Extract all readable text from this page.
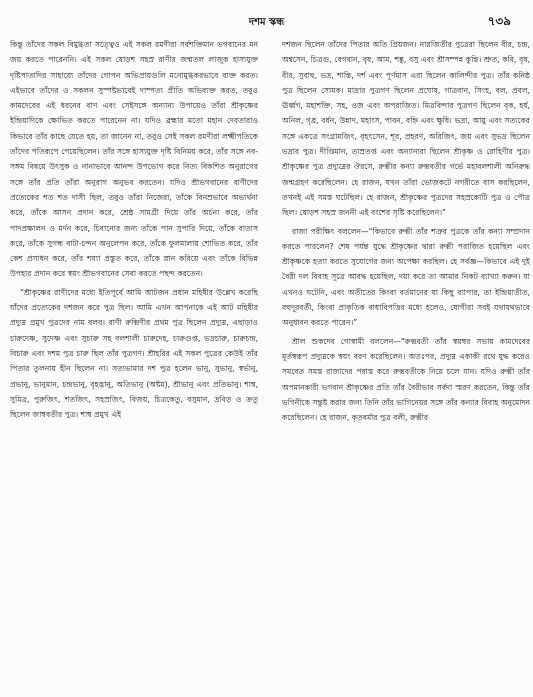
দশম স্কন্ধ	৭৩৯

কিন্তু তাঁদের সকল বিমুগ্ধতা সত্ত্বেও এই সকল রমণীরা সর্বশক্তিমান ভগবানের মন জয় করতে পারেননি। এই সকল ষোড়শ সহস্র রাণীর জন্মতল লাজুক হাস্যযুক্ত দৃষ্টিপাতাদির সাহায্যে তাঁদের গোপন অভিপ্রায়গুলি মনোমুগ্ধকরভাবে ব্যক্ত করত। এইভাবে তাঁদের ও সকলন সুস্পষ্টভাবেই দাম্পত্য প্রীতি অভিব্যক্ত করত, তবুও কামদেবের এই ধরনের বাণ এবং সেইসঙ্গে অন্যান্য উপায়েও তাঁরা শ্রীকৃষ্ণের ইন্দ্রিয়াদিকে ক্ষোভিত করতে পারেনেন না। যদিও ব্রহ্মার মতো মহান দেবতারাও কিভাবে তাঁর কাছে যেতে হয়, তা জানেন না, তবুও সেই সকল রমণীরা লক্ষ্মীপতিকে তাঁদের পতিরূপে পেয়েছিলেন। তাঁর সঙ্গে হাস্যযুক্ত দৃষ্টি বিনিময় করে, তাঁর সঙ্গে নব-সঙ্গম বিষয়ে উৎসুক ও নানাভাবে আনন্দ উপভোগ করে নিত্য বিকশিত অনুরাগের সঙ্গে তাঁর প্রতি তাঁরা অনুরাগ অনুভব করতেন। যদিও শ্রীভগবানের বাণীদের প্রত্যেকের শত শত দাসী ছিল, তবুও তাঁরা নিজেরা, তাঁকে বিনম্রভাবে অভ্যর্থনা করে, তাঁকে আসন প্রদান করে, শ্রেষ্ঠ সামগ্রী দিয়ে তাঁর অর্চনা করে, তাঁর পাদপ্রক্ষালন ও মর্দন করে, চিবানোর জন্য তাঁকে পান সুপারি দিয়ে, তাঁকে বাতাস করে, তাঁকে সুগন্ধ বাটা-চন্দন অনুলেপন করে, তাঁকে ফুলমালায় শোভিত করে, তাঁর কেশ প্রসাধন করে, তাঁর শয্যা প্রস্তুত করে, তাঁকে স্নান করিয়ে এবং তাঁকে বিভিন্ন উপহার প্রদান করে স্বয়ং শ্রীভগবানের সেবা করতে পছন্দ করতেন।

“শ্রীকৃষ্ণের রাণীদের মধ্যে ইতিপূর্বে আমি আটজন প্রধান মহিষীর উল্লেখ করেছি যাঁদের প্রত্যেকের দশজন করে পুত্র ছিল। আমি এখন আপনাকে এই আট মহিষীর প্রদ্যুম্ন প্রমুখ পুত্রদের নাম বলব। রাণী রুক্মিণীর প্রথম পুত্র ছিলেন প্রদ্যুম্ন, এছাড়াও চারুদেষ্ণ, সুদেষ্ণ এবং সুচারু সহ বলশালী চারুদেহ, চারুগুপ্ত, ভদ্রচারু, চারুচন্দ্র, বিচারু এবং দশম পুত্র চারু ছিল তাঁর পুত্রগণ। শ্রীহরির এই সকল পুত্রের কেউই তাঁর পিতার তুলনায় হীন ছিলেন না। সত্যভামার দশ পুত্র হলেন ভানু, সুভানু, স্বর্ভানু, প্রভানু, ভানুমান, চন্দ্রভানু, বৃহদ্ভানু, অতিভানু (অষ্টম), শ্রীভানু এবং প্রতিভানু। শাম্ব, সুমিত্র, পুরুজিৎ, শতজিৎ, সহস্রজিৎ, বিজয়, চিত্রকেতু, বসুমান, দ্রবিড় ও ক্রতু ছিলেন জাম্ববতীর পুত্র। শাম্ব প্রমুখ এই

দশজন ছিলেন তাঁদের পিতার অতি প্রিয়জন। নাগ্নজিতীর পুত্রেরা ছিলেন বীর, চন্দ্র, অশ্বসেন, চিত্রগু, বেগবান, বৃষ, আম, শঙ্কু, বসু এবং শ্রীসম্পন্ন কুন্তি। শ্রুত, কবি, বৃষ, বীর, সুবাহু, ভদ্র, শান্তি, দর্শ এবং পূর্ণমাস এরা ছিলেন কালিন্দীর পুত্র। তাঁর কনিষ্ঠ পুত্র ছিলেন সোমক। মাদ্রার পুত্রগণ ছিলেন প্রঘোষ, গাত্রবান, সিংহ, বল, প্রবল, ঊর্ধ্বগ, মহাশক্তি, সহ, ওজ এবং অপরাজিত। মিত্রবিন্দার পুত্রগণ ছিলেন বৃক, হর্ষ, অনিল, গৃধ্র, বর্ধন, উন্নাদ, মহাংস, পাবন, বহ্নি এবং ক্ষুধি। ভদ্রা, আয়ু এবং সত্যকের সঙ্গে একত্রে সংগ্রামজিৎ, বৃহৎসেন, শূর, প্রহরণ, অরিজিৎ, জয় এবং সুভদ্র ছিলেন ভদ্রার পুত্র। দীপ্তিমান, তাম্রতপ্ত এবং অন্যান্যরা ছিলেন শ্রীকৃষ্ণ ও রোহিণীর পুত্র। শ্রীকৃষ্ণের পুত্র প্রদ্যুম্নের ঔরসে, রুক্মীর কন্যা রুক্মবতীর গর্ভে মহাবলশালী অনিরুদ্ধ জন্মগ্রহণ করেছিলেন। হে রাজন, যখন তাঁরা ভোজকটে নগরীতে বাস করছিলেন, তখনই এই সমস্ত ঘটেছিল। হে রাজন, শ্রীকৃষ্ণের পুত্রদের সহস্রকোটি পুত্র ও পৌত্র ছিল। ষোড়শ সহস্র জননী এই বংশের সৃষ্টি করেছিলেন।”

রাজা পরীক্ষিৎ বললেন—“কিভাবে রুক্মী তাঁর শত্রুর পুত্রকে তাঁর কন্যা সম্প্রদান করতে পারলেন? শেষ পর্যন্ত যুদ্ধে শ্রীকৃষ্ণের দ্বারা রুক্মী পরাজিত হয়েছিল এবং শ্রীকৃষ্ণকে হত্যা করতে সুযোগের জন্য অপেক্ষা করছিল। হে সর্বজ্ঞ—কিভাবে এই দুই বৈরী দল বিবাহ সূত্রে আবদ্ধ হয়েছিল, দয়া করে তা আমার নিকট ব্যাখ্যা করুন। যা এখনও ঘটেনি, এবং অতীতের কিংবা বর্তমানের যা কিছু ব্যাপার, তা ইন্দ্রিয়াতীত, বহুদূরবর্তী, কিংবা প্রাকৃতিক বাধাবিপত্তির মধ্যে হলেও, যোগীরা সবই যথাযথভাবে অনুধাবন করতে পারেন।”

শ্রীল শুকদেব গোস্বামী বললেন—“রুক্মবতী তাঁর স্বয়ম্বর সভায় কামদেবের মূর্তস্বরূপ প্রদ্যুম্নকে স্বয়ং বরণ করেছিলেন। অতঃপর, প্রদ্যুম্ন একাকী রথে যুদ্ধ করেও সমবেত সমস্ত রাজাদের পরাস্ত করে রুক্মবতীকে নিয়ে চলে যান। যদিও রুক্মী তাঁর অপমানকারী ভগবান শ্রীকৃষ্ণের প্রতি তাঁর বৈরীভাব সর্বদা স্মরণ করতেন, কিন্তু তাঁর ভগিনীকে সন্তুষ্ট করার জন্য তিনি তাঁর ভাগিনেয়র সঙ্গে তাঁর কন্যার বিবাহ অনুমোদন করেছিলেন। হে রাজন, কৃতবর্মার পুত্র বলী, রুক্মীর
